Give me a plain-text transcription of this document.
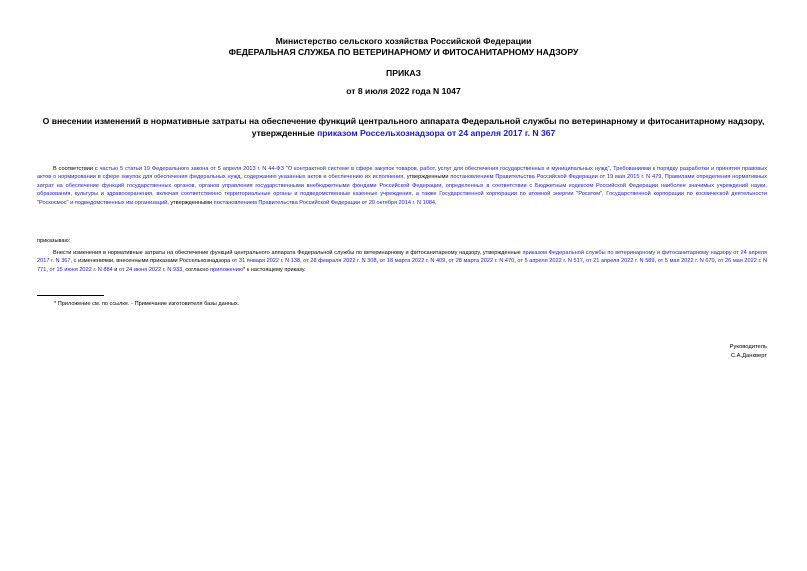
Министерство сельского хозяйства Российской Федерации
ФЕДЕРАЛЬНАЯ СЛУЖБА ПО ВЕТЕРИНАРНОМУ И ФИТОСАНИТАРНОМУ НАДЗОРУ
ПРИКАЗ
от 8 июля 2022 года N 1047
О внесении изменений в нормативные затраты на обеспечение функций центрального аппарата Федеральной службы по ветеринарному и фитосанитарному надзору, утвержденные приказом Россельхознадзора от 24 апреля 2017 г. N 367
В соответствии с частью 5 статьи 19 Федерального закона от 5 апреля 2013 г. N 44-ФЗ "О контрактной системе в сфере закупок товаров, работ, услуг для обеспечения государственных и муниципальных нужд", Требованиями к порядку разработки и принятия правовых актов о нормировании в сфере закупок для обеспечения федеральных нужд, содержанию указанных актов и обеспечению их исполнения, утвержденными постановлением Правительства Российской Федерации от 19 мая 2015 г. N 479, Правилами определения нормативных затрат на обеспечение функций государственных органов, органов управления государственными внебюджетными фондами Российской Федерации, определенных в соответствии с Бюджетным кодексом Российской Федерации наиболее значимых учреждений науки, образования, культуры и здравоохранения, включая соответственно территориальные органы и подведомственные казенные учреждения, а также Государственной корпорации по атомной энергии "Росатом", Государственной корпорации по космической деятельности "Роскосмос" и подведомственных им организаций, утвержденными постановлением Правительства Российской Федерации от 20 октября 2014 г. N 1084,
приказываю:
Внести изменения в нормативные затраты на обеспечение функций центрального аппарата Федеральной службы по ветеринарному и фитосанитарному надзору, утвержденные приказом Федеральной службы по ветеринарному и фитосанитарному надзору от 24 апреля 2017 г. N 367, с изменениями, внесенными приказами Россельхознадзора от 31 января 2022 г. N 138, от 28 февраля 2022 г. N 308, от 18 марта 2022 г. N 409, от 28 марта 2022 г. N 470, от 5 апреля 2022 г. N 517, от 21 апреля 2022 г. N 589, от 5 мая 2022 г. N 670, от 26 мая 2022 г. N 771, от 15 июня 2022 г. N 884 и от 24 июня 2022 г. N 933, согласно приложению* к настоящему приказу.
* Приложение см. по ссылке. - Примечание изготовителя базы данных.
Руководитель
С.А.Данкверт
